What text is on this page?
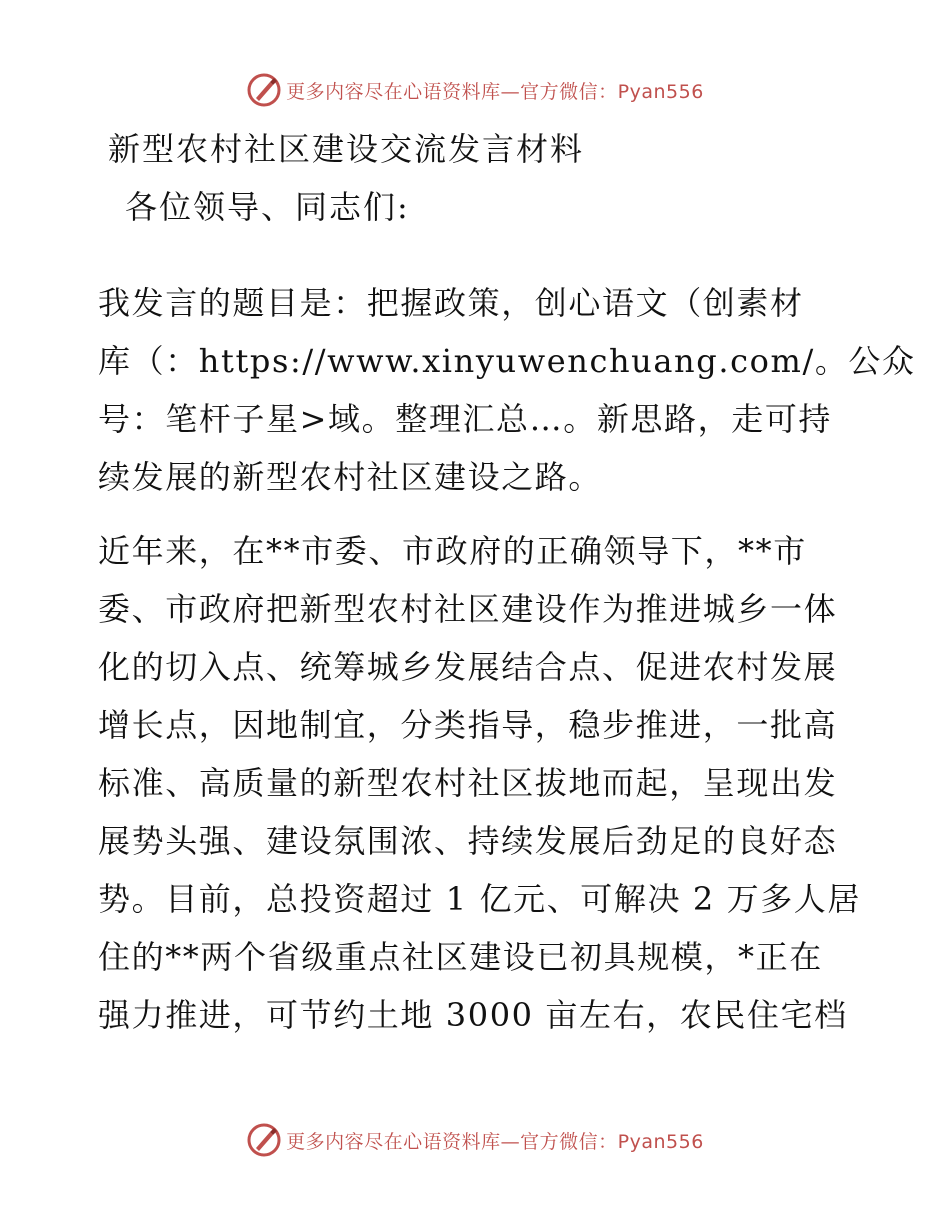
更多内容尽在心语资料库—官方微信：Pyan556
新型农村社区建设交流发言材料
各位领导、同志们:
我发言的题目是：把握政策，创心语文（创素材
库（：https://www.xinyuwenchuang.com/。公众
号：笔杆子星>域。整理汇总…。新思路，走可持
续发展的新型农村社区建设之路。
近年来，在**市委、市政府的正确领导下，**市
委、市政府把新型农村社区建设作为推进城乡一体
化的切入点、统筹城乡发展结合点、促进农村发展
增长点，因地制宜，分类指导，稳步推进，一批高
标准、高质量的新型农村社区拔地而起，呈现出发
展势头强、建设氛围浓、持续发展后劲足的良好态
势。目前，总投资超过 1 亿元、可解决 2 万多人居
住的**两个省级重点社区建设已初具规模，*正在
强力推进，可节约土地 3000 亩左右，农民住宅档
更多内容尽在心语资料库—官方微信：Pyan556
